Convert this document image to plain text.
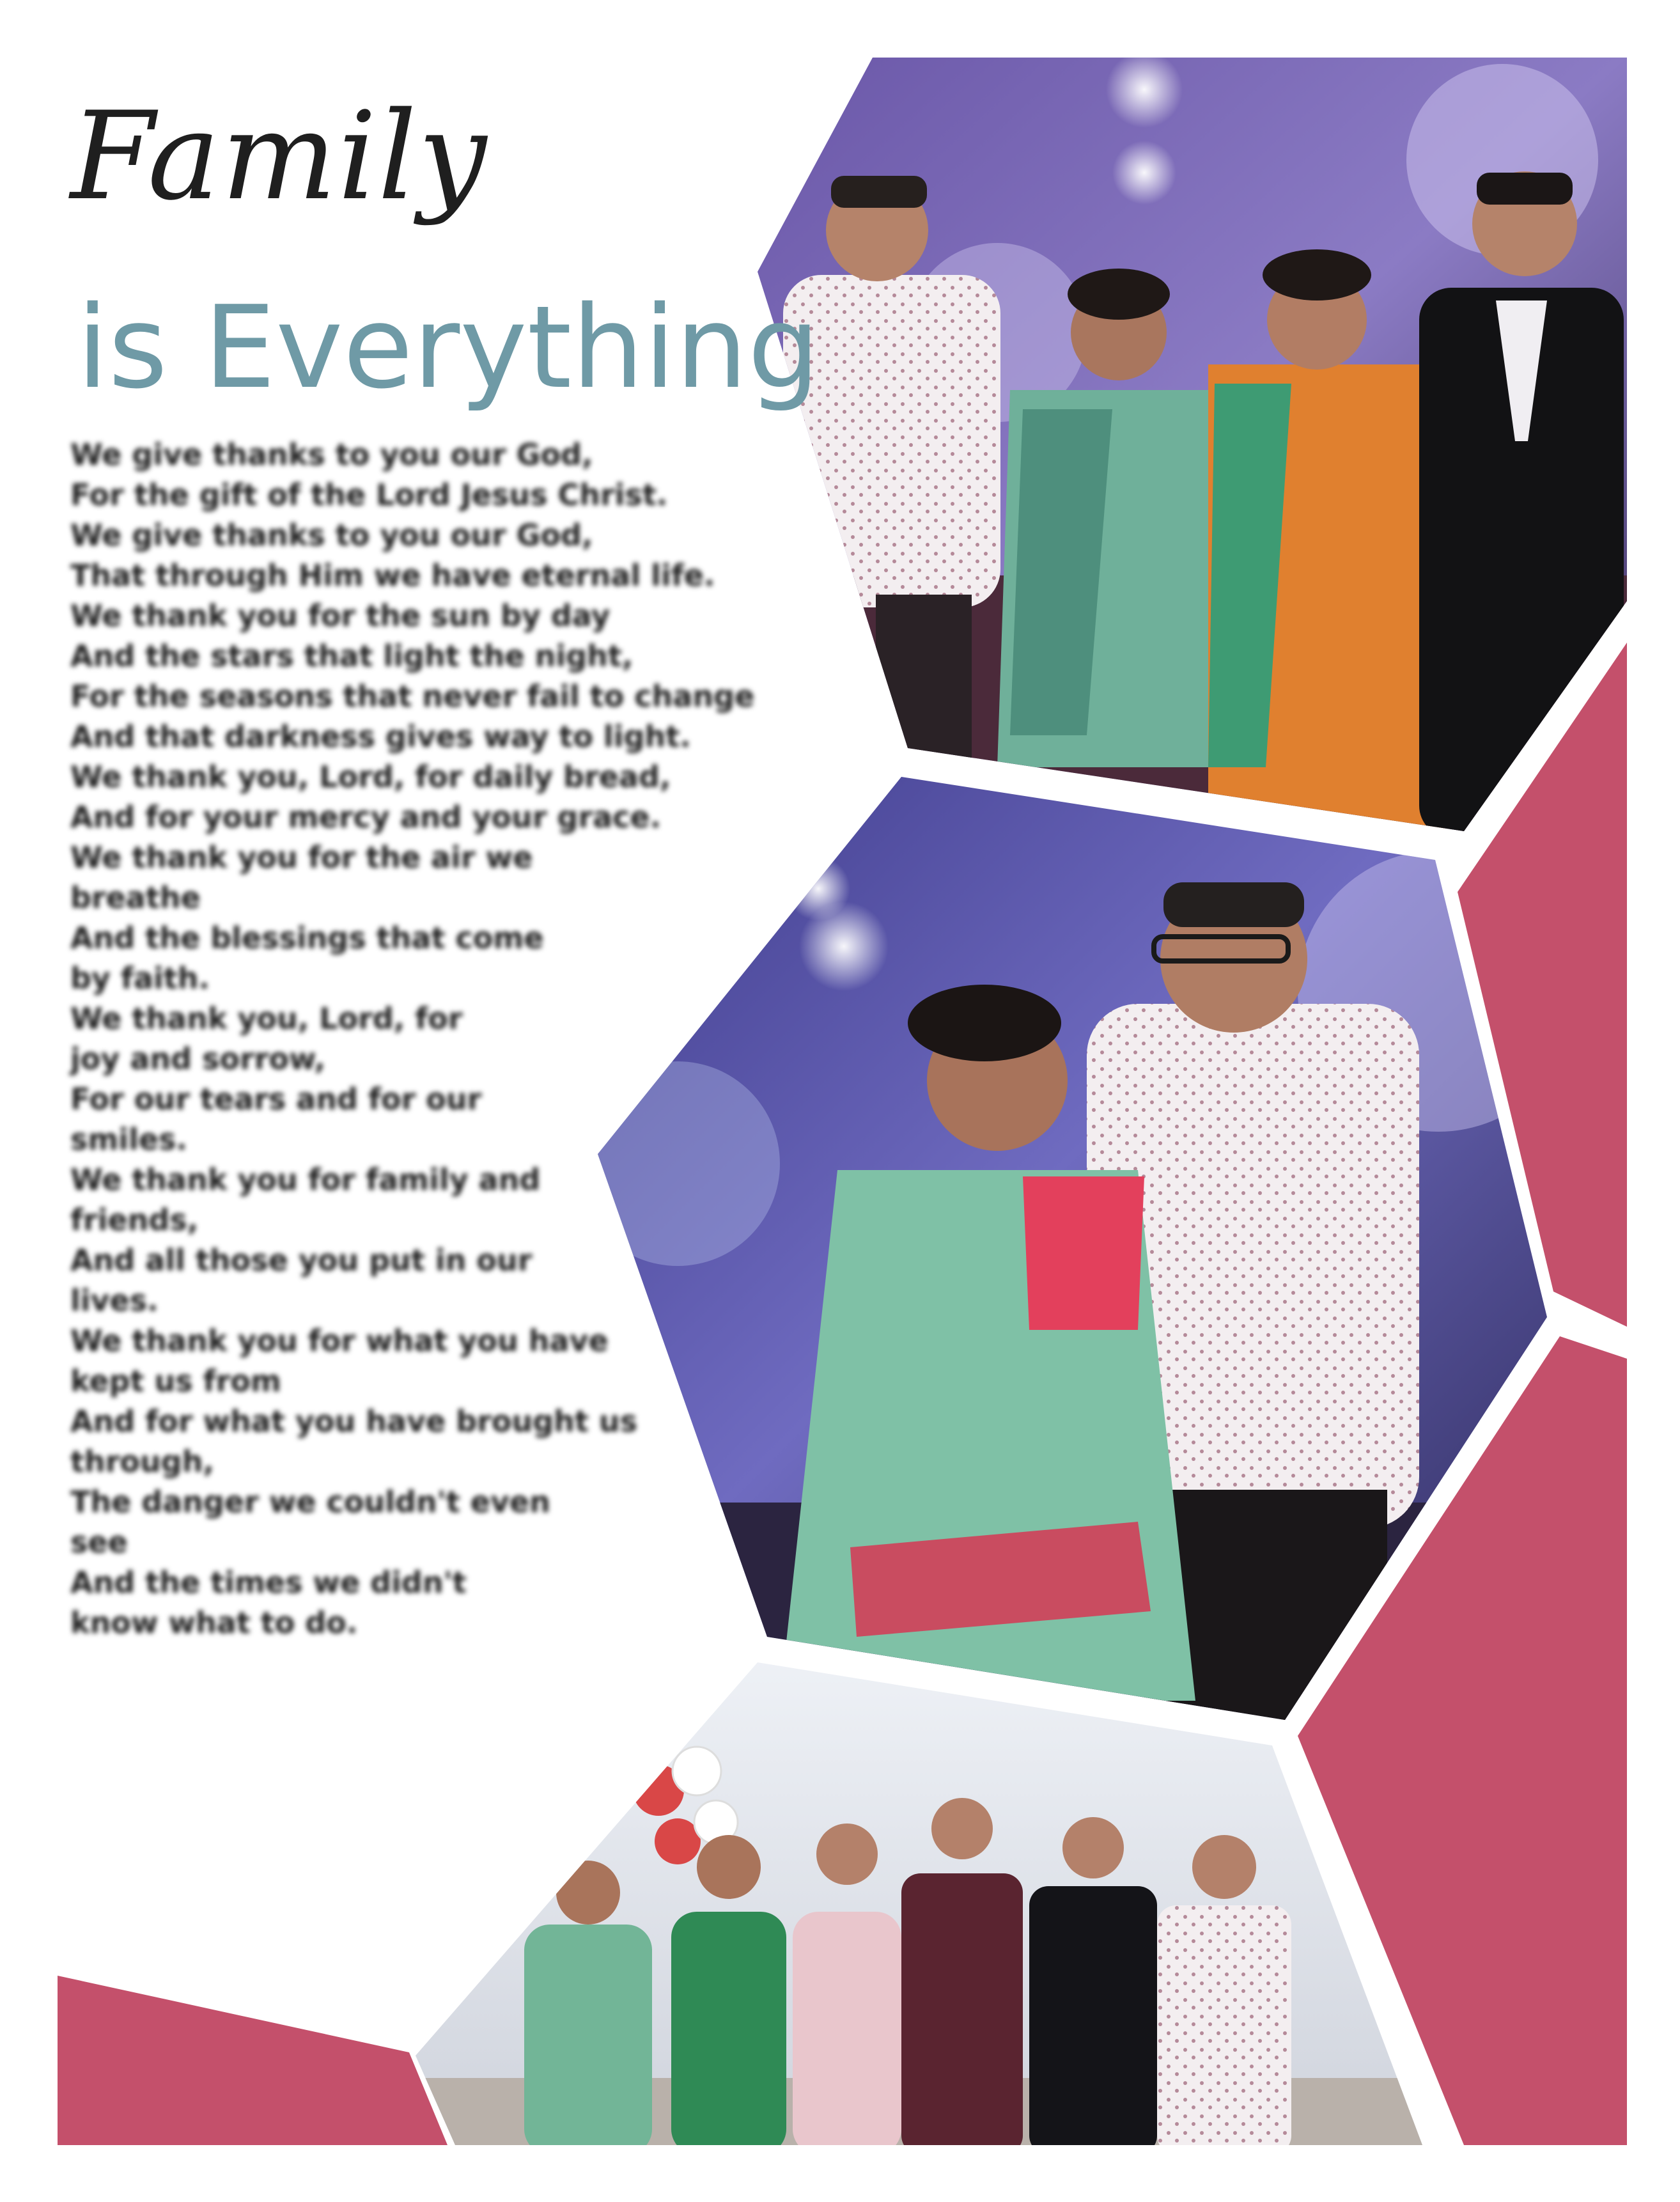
Family
is Everything
We give thanks to you our God,
For the gift of the Lord Jesus Christ.
We give thanks to you our God,
That through Him we have eternal life.
We thank you for the sun by day
And the stars that light the night,
For the seasons that never fail to change
And that darkness gives way to light.
We thank you, Lord, for daily bread,
And for your mercy and your grace.
We thank you for the air we
breathe
And the blessings that come
by faith.
We thank you, Lord, for
joy and sorrow,
For our tears and for our
smiles.
We thank you for family and
friends,
And all those you put in our
lives.
We thank you for what you have
kept us from
And for what you have brought us
through,
The danger we couldn't even
see
And the times we didn't
know what to do.
